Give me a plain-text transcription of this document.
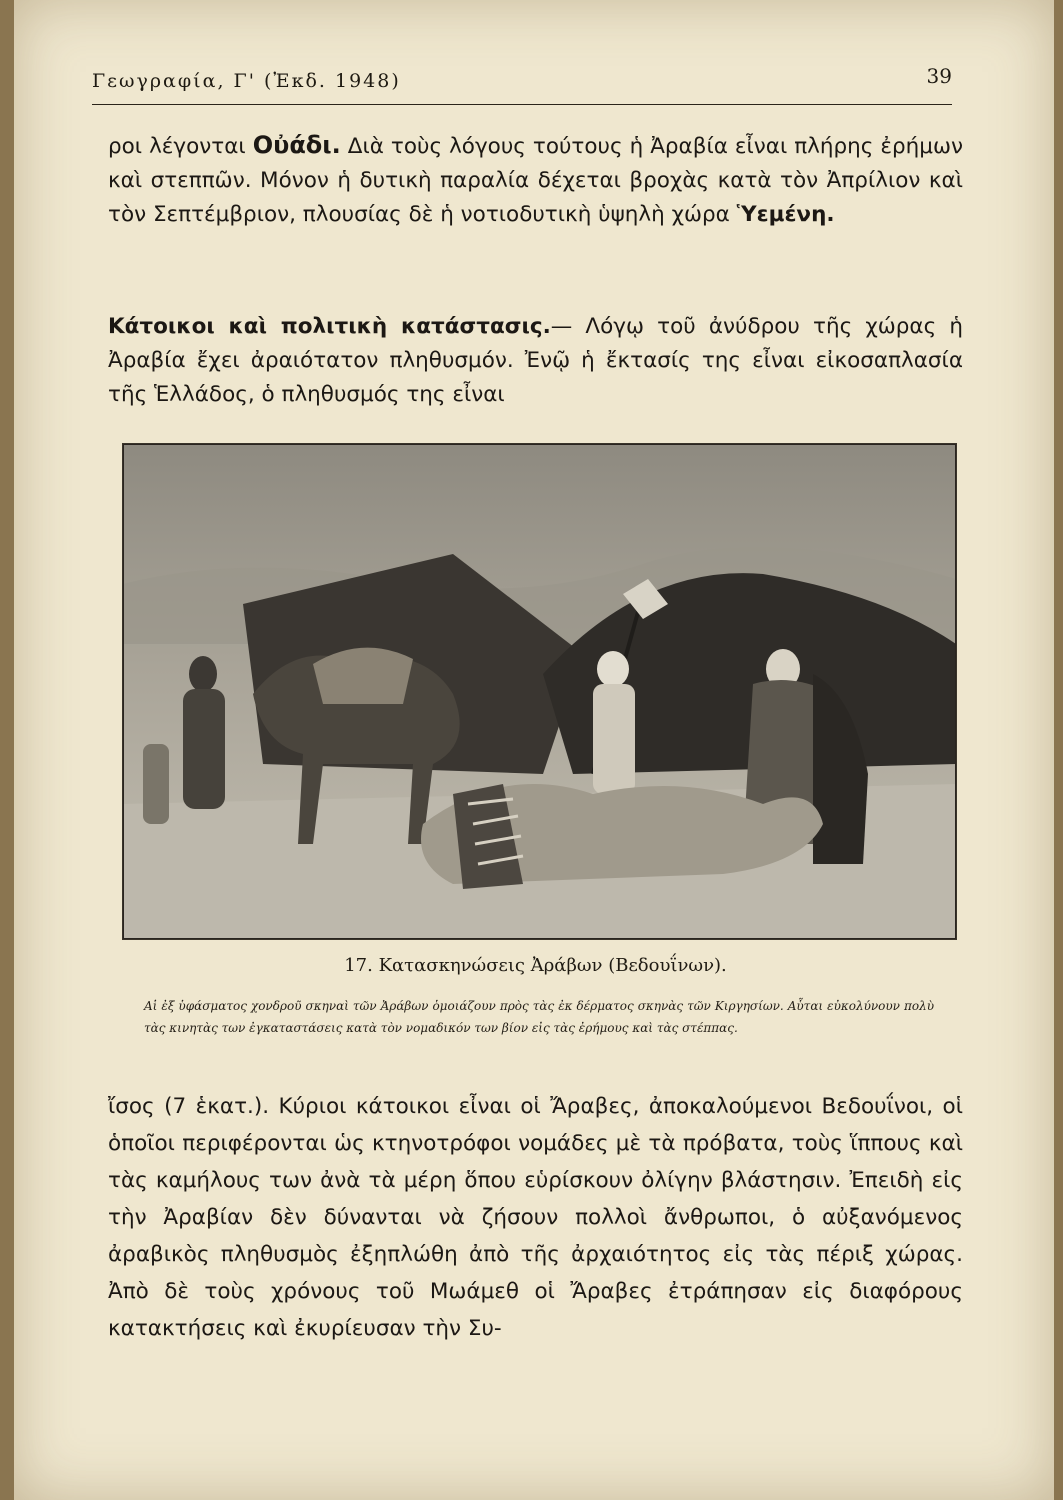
Γεωγραφία, Γ' (Ἐκδ. 1948)	39

ροι λέγονται Οὐάδι. Διὰ τοὺς λόγους τούτους ἡ Ἀραβία εἶναι πλήρης ἐρήμων καὶ στεππῶν. Μόνον ἡ δυτικὴ παραλία δέχεται βροχὰς κατὰ τὸν Ἀπρίλιον καὶ τὸν Σεπτέμβριον, πλουσίας δὲ ἡ νοτιοδυτικὴ ὑψηλὴ χώρα Ὑεμένη.

Κάτοικοι καὶ πολιτικὴ κατάστασις.— Λόγῳ τοῦ ἀνύδρου τῆς χώρας ἡ Ἀραβία ἔχει ἀραιότατον πληθυσμόν. Ἐνῷ ἡ ἔκτασίς της εἶναι εἰκοσαπλασία τῆς Ἑλλάδος, ὁ πληθυσμός της εἶναι

17. Κατασκηνώσεις Ἀράβων (Βεδουΐνων).

Αἱ ἐξ ὑφάσματος χονδροῦ σκηναὶ τῶν Ἀράβων ὁμοιάζουν πρὸς τὰς ἐκ δέρματος σκηνὰς τῶν Κιργησίων. Αὗται εὐκολύνουν πολὺ τὰς κινητὰς των ἐγκαταστάσεις κατὰ τὸν νομαδικόν των βίον εἰς τὰς ἐρήμους καὶ τὰς στέππας.

ἴσος (7 ἑκατ.). Κύριοι κάτοικοι εἶναι οἱ Ἄραβες, ἀποκαλούμενοι Βεδουΐνοι, οἱ ὁποῖοι περιφέρονται ὡς κτηνοτρόφοι νομάδες μὲ τὰ πρόβατα, τοὺς ἵππους καὶ τὰς καμήλους των ἀνὰ τὰ μέρη ὅπου εὑρίσκουν ὀλίγην βλάστησιν. Ἐπειδὴ εἰς τὴν Ἀραβίαν δὲν δύνανται νὰ ζήσουν πολλοὶ ἄνθρωποι, ὁ αὐξανόμενος ἀραβικὸς πληθυσμὸς ἐξηπλώθη ἀπὸ τῆς ἀρχαιότητος εἰς τὰς πέριξ χώρας. Ἀπὸ δὲ τοὺς χρόνους τοῦ Μωάμεθ οἱ Ἄραβες ἐτράπησαν εἰς διαφόρους κατακτήσεις καὶ ἐκυρίευσαν τὴν Συ-
